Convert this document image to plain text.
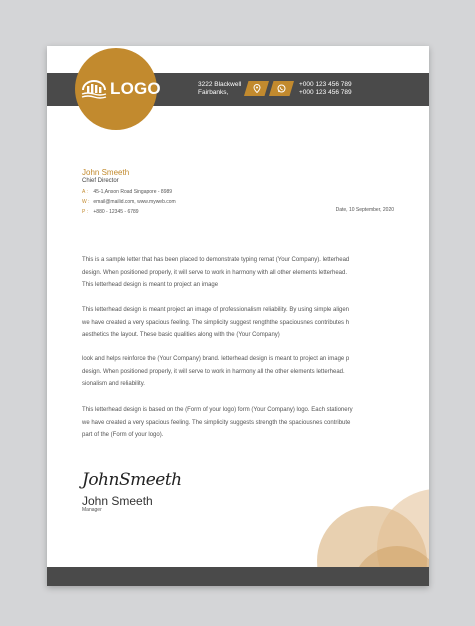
LOGO	3222 Blackwell
Fairbanks,
+000 123 456 789
+000 123 456 789
John Smeeth
Chief Director
A : 45-1,Anson Road Singapore - 8989
W : email@mailid.com, www.myweb.com
P : +880 - 12345 - 6789	Date, 10 September, 2020
This is a sample letter that has been placed to demonstrate typing remat (Your Company). letterhead
design. When positioned properly, it will serve to work in harmony with all other elements letterhead.
This letterhead design is meant to project an image
This letterhead design is meant project an image of professionalism reliability. By using simple aligen
we have created a very spacious feeling. The simplicity suggest rengththe spaciousnes contributes h
aesthetics the layout. These basic qualities along with the (Your Company)
look and helps reinforce the (Your Company) brand. letterhead design is meant to project an image p
design. When positioned properly, it will serve to work in harmony all the other elements letterhead.
sionalism and reliability.
This letterhead design is based on the (Form of your logo) form (Your Company) logo. Each stationery
we have created a very spacious feeling. The simplicity suggests strength the spaciousnes contribute
part of the (Form of your logo).
JohnSmeeth
John Smeeth
Manager
